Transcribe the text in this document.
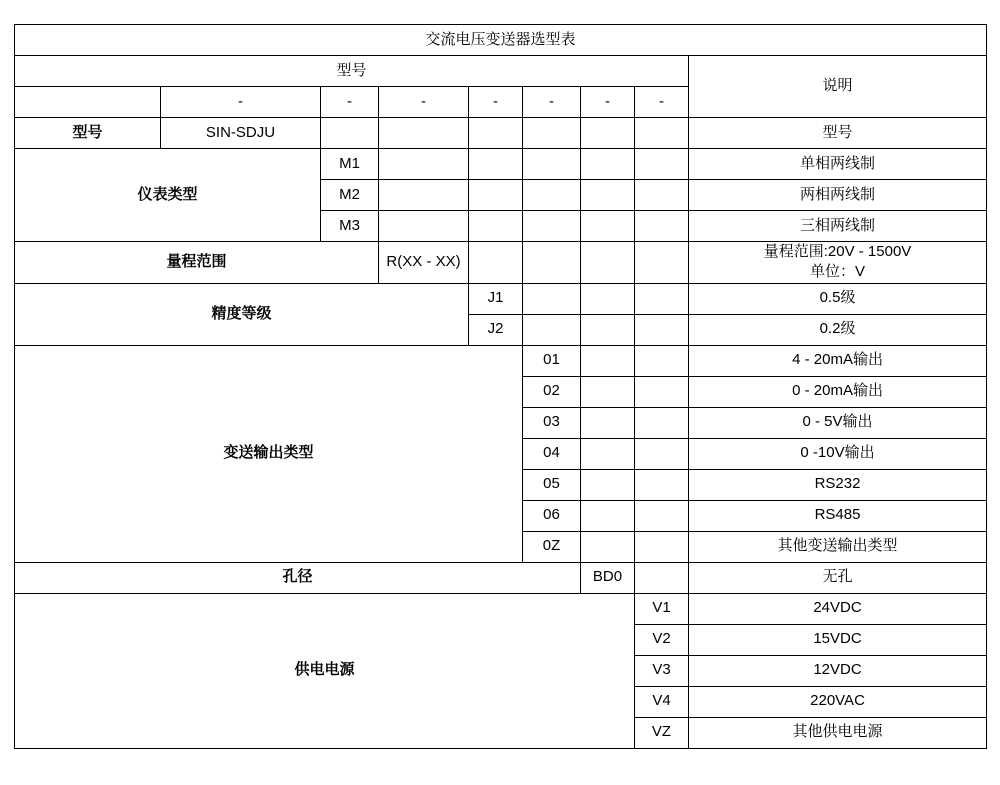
交流电压变送器选型表								
型号								说明
	-	-	-	-	-	-	-	
型号	SIN-SDJU							型号
仪表类型		M1						单相两线制
		M2						两相两线制
		M3						三相两线制
量程范围			R(XX - XX)					量程范围:20V - 1500V
单位：V

精度等级				J1				0.5级
				J2				0.2级
变送输出类型					01			4 - 20mA输出
					02			0 - 20mA输出
					03			0 - 5V输出
					04			0 -10V输出
					05			RS232
					06			RS485
					0Z			其他变送输出类型
孔径						BD0		无孔
供电电源							V1	24VDC
							V2	15VDC
							V3	12VDC
							V4	220VAC
							VZ	其他供电电源
